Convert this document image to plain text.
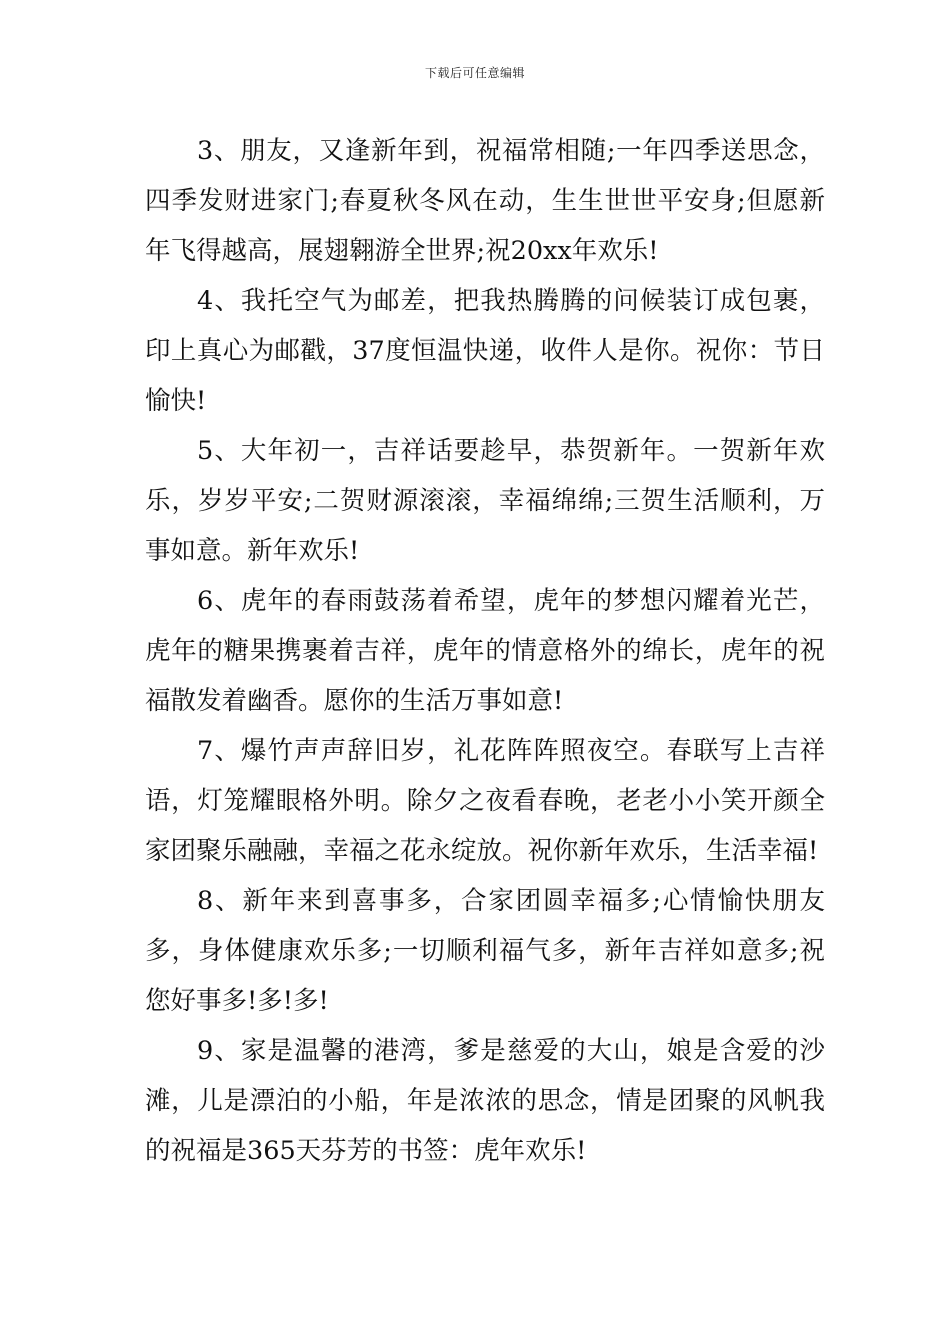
下载后可任意编辑

3、朋友，又逢新年到，祝福常相随;一年四季送思念，四季发财进家门;春夏秋冬风在动，生生世世平安身;但愿新年飞得越高，展翅翱游全世界;祝20xx年欢乐!

4、我托空气为邮差，把我热腾腾的问候装订成包裹，印上真心为邮戳，37度恒温快递，收件人是你。祝你：节日愉快!

5、大年初一，吉祥话要趁早，恭贺新年。一贺新年欢乐，岁岁平安;二贺财源滚滚，幸福绵绵;三贺生活顺利，万事如意。新年欢乐!

6、虎年的春雨鼓荡着希望，虎年的梦想闪耀着光芒，虎年的糖果携裹着吉祥，虎年的情意格外的绵长，虎年的祝福散发着幽香。愿你的生活万事如意!

7、爆竹声声辞旧岁，礼花阵阵照夜空。春联写上吉祥语，灯笼耀眼格外明。除夕之夜看春晚，老老小小笑开颜全家团聚乐融融，幸福之花永绽放。祝你新年欢乐，生活幸福!

8、新年来到喜事多，合家团圆幸福多;心情愉快朋友多，身体健康欢乐多;一切顺利福气多，新年吉祥如意多;祝您好事多!多!多!

9、家是温馨的港湾，爹是慈爱的大山，娘是含爱的沙滩，儿是漂泊的小船，年是浓浓的思念，情是团聚的风帆我的祝福是365天芬芳的书签：虎年欢乐!
